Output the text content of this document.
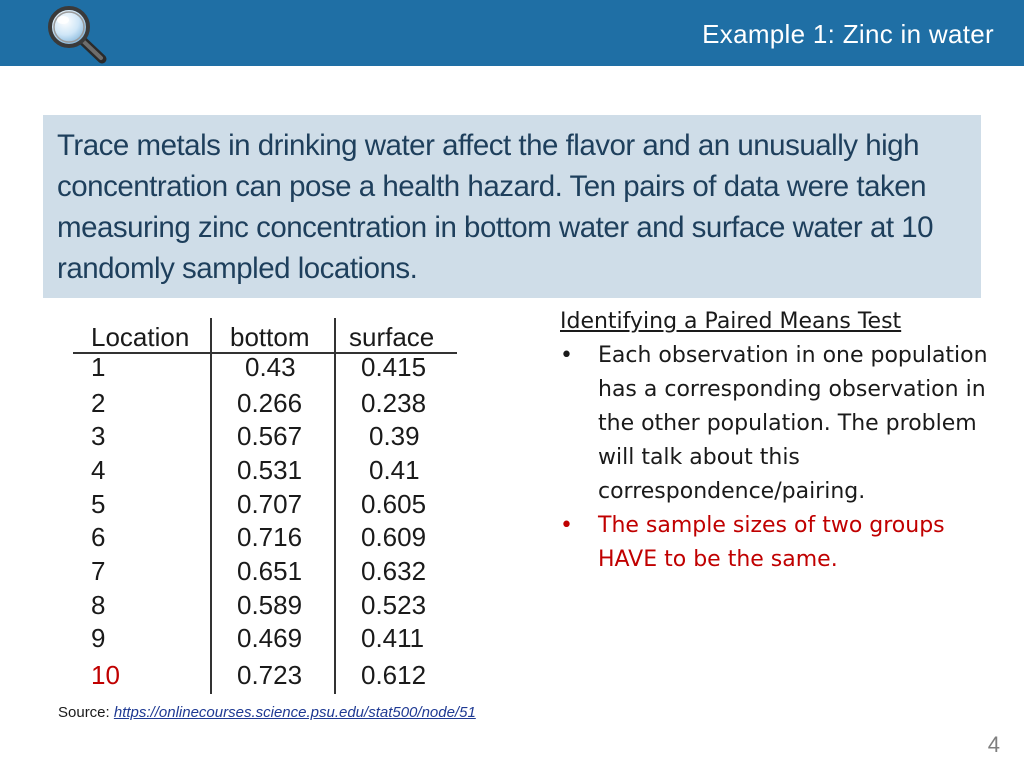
Example 1: Zinc in water
Trace metals in drinking water affect the flavor and an unusually high concentration can pose a health hazard. Ten pairs of data were taken measuring zinc concentration in bottom water and surface water at 10 randomly sampled locations.
Location bottom surface
1	0.43	0.415
2	0.266 0.238
3	0.567	0.39
4	0.531	0.41
5	0.707 0.605
6	0.716 0.609
7	0.651 0.632
8	0.589 0.523
9	0.469 0.411
10	0.723 0.612
Identifying a Paired Means Test
• Each observation in one population has a corresponding observation in the other population. The problem will talk about this correspondence/pairing.
• The sample sizes of two groups HAVE to be the same.
Source: https://onlinecourses.science.psu.edu/stat500/node/51
4
